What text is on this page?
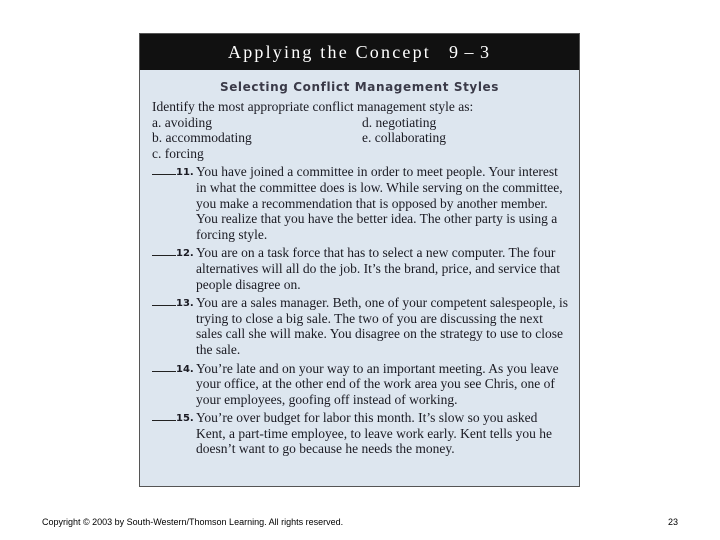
Applying the Concept 9 – 3
Selecting Conflict Management Styles
Identify the most appropriate conflict management style as:
a. avoiding	d. negotiating
b. accommodating	e. collaborating
c. forcing
11. You have joined a committee in order to meet people. Your interest in what the committee does is low. While serving on the committee, you make a recommendation that is opposed by another member. You realize that you have the better idea. The other party is using a forcing style.
12. You are on a task force that has to select a new computer. The four alternatives will all do the job. It’s the brand, price, and service that people disagree on.
13. You are a sales manager. Beth, one of your competent salespeople, is trying to close a big sale. The two of you are discussing the next sales call she will make. You disagree on the strategy to use to close the sale.
14. You’re late and on your way to an important meeting. As you leave your office, at the other end of the work area you see Chris, one of your employees, goofing off instead of working.
15. You’re over budget for labor this month. It’s slow so you asked Kent, a part-time employee, to leave work early. Kent tells you he doesn’t want to go because he needs the money.
Copyright © 2003 by South-Western/Thomson Learning. All rights reserved.	23
